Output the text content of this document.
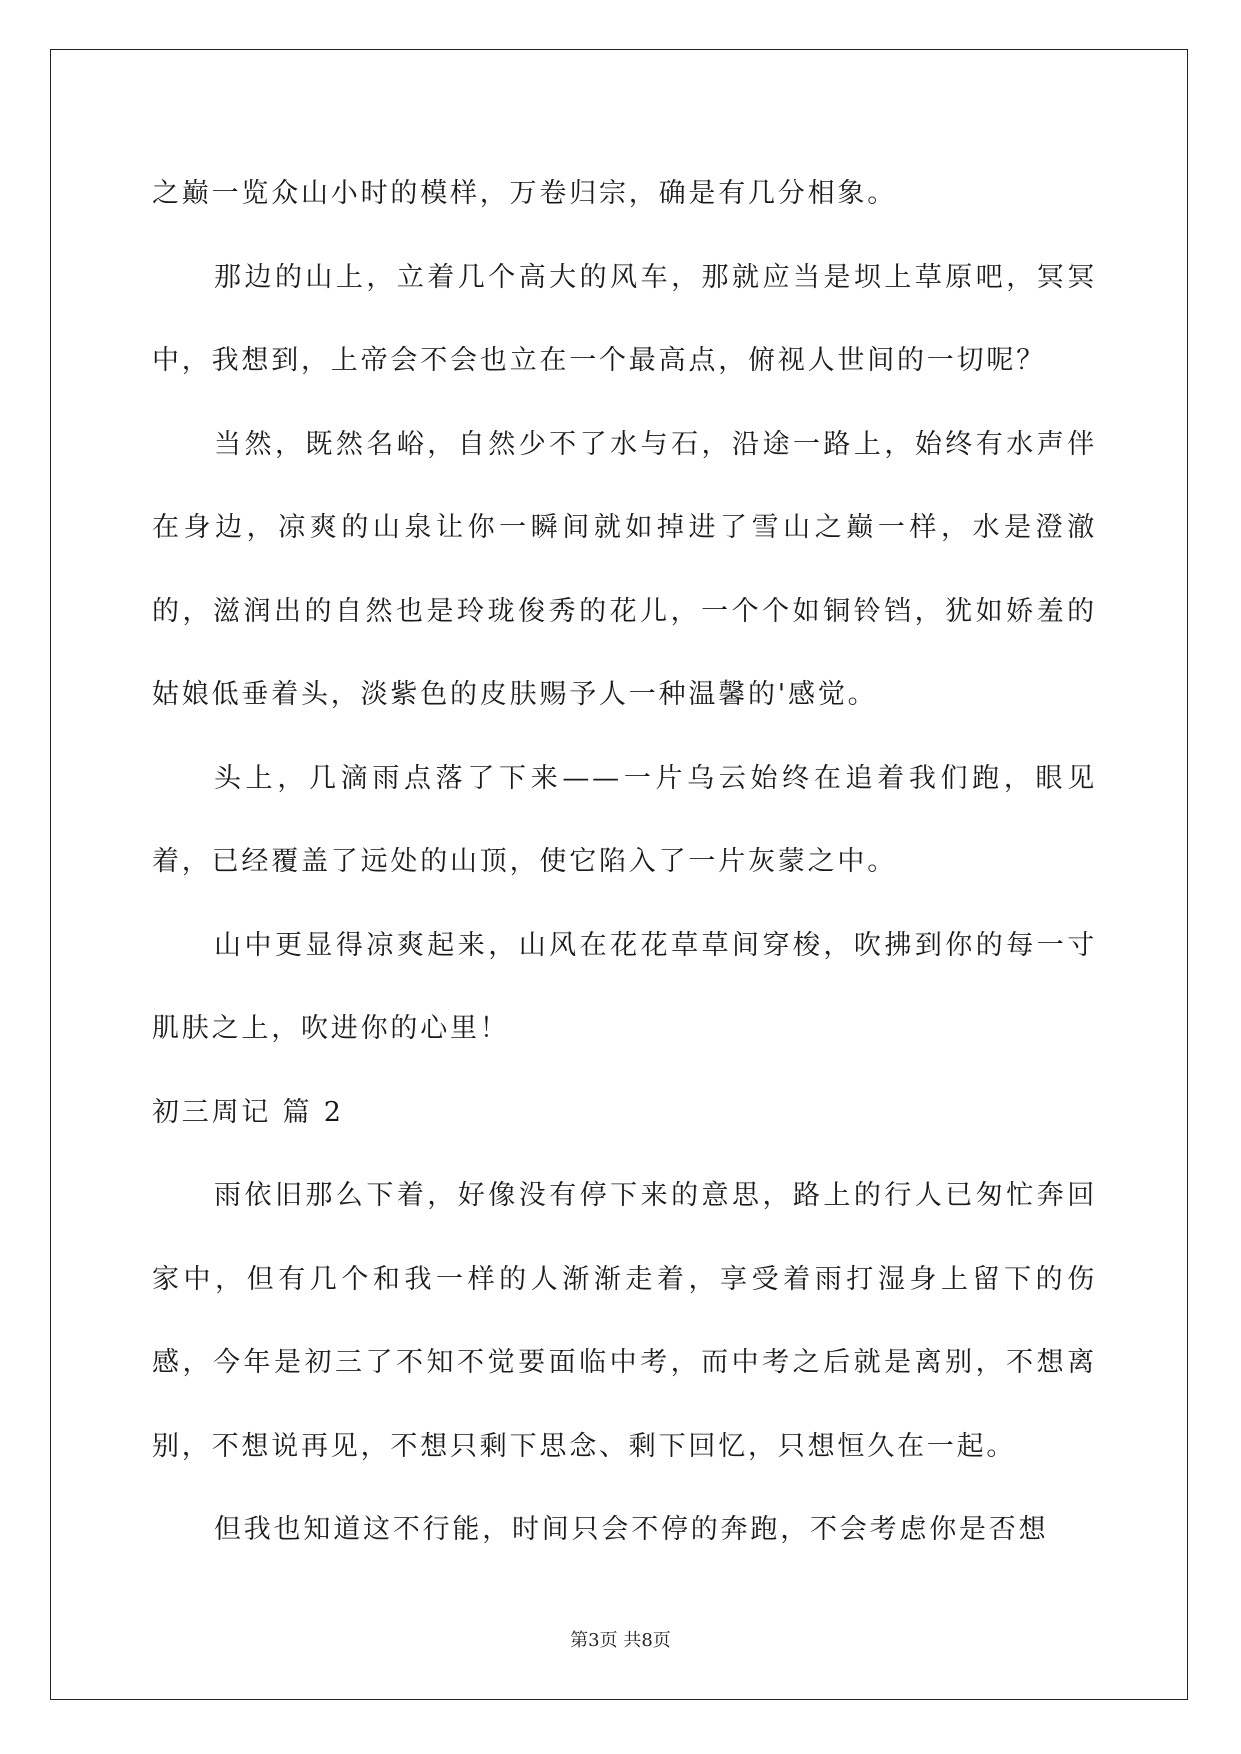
之巅一览众山小时的模样，万卷归宗，确是有几分相象。

那边的山上，立着几个高大的风车，那就应当是坝上草原吧，冥冥中，我想到，上帝会不会也立在一个最高点，俯视人世间的一切呢？

当然，既然名峪，自然少不了水与石，沿途一路上，始终有水声伴在身边，凉爽的山泉让你一瞬间就如掉进了雪山之巅一样，水是澄澈的，滋润出的自然也是玲珑俊秀的花儿，一个个如铜铃铛，犹如娇羞的姑娘低垂着头，淡紫色的皮肤赐予人一种温馨的'感觉。

头上，几滴雨点落了下来——一片乌云始终在追着我们跑，眼见着，已经覆盖了远处的山顶，使它陷入了一片灰蒙之中。

山中更显得凉爽起来，山风在花花草草间穿梭，吹拂到你的每一寸肌肤之上，吹进你的心里！

初三周记 篇 2

雨依旧那么下着，好像没有停下来的意思，路上的行人已匆忙奔回家中，但有几个和我一样的人渐渐走着，享受着雨打湿身上留下的伤感，今年是初三了不知不觉要面临中考，而中考之后就是离别，不想离别，不想说再见，不想只剩下思念、剩下回忆，只想恒久在一起。

但我也知道这不行能，时间只会不停的奔跑，不会考虑你是否想

第3页 共8页
